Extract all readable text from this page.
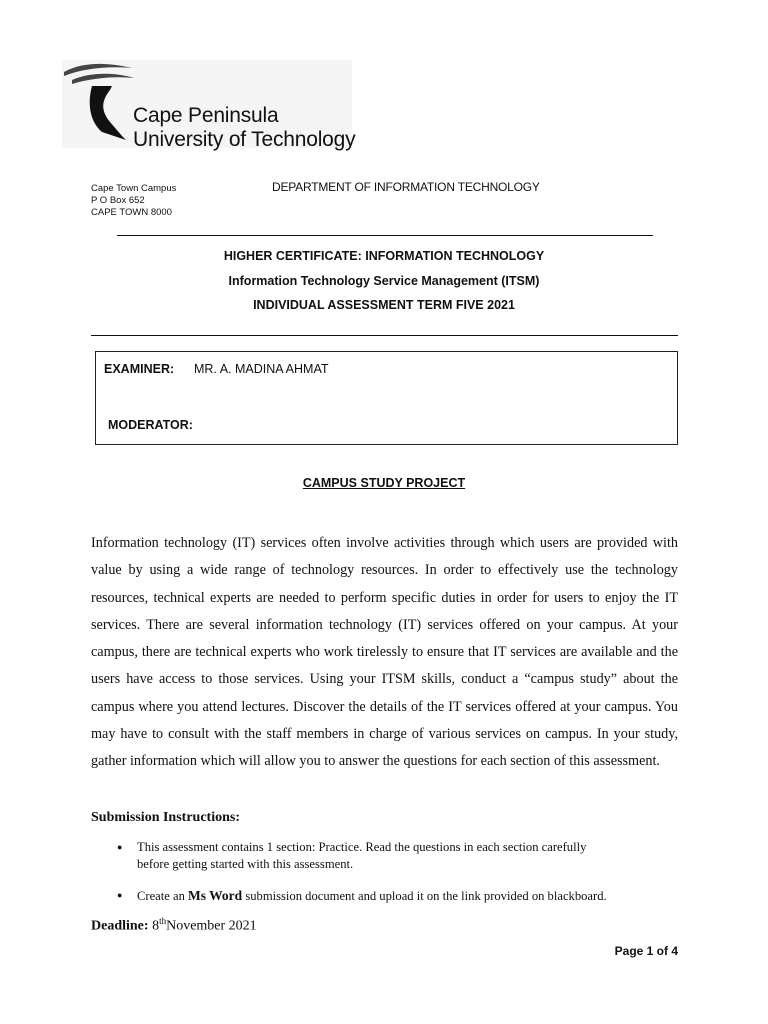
Cape Peninsula
University of Technology
Cape Town Campus
P O Box 652
CAPE TOWN 8000
DEPARTMENT OF INFORMATION TECHNOLOGY
HIGHER CERTIFICATE: INFORMATION TECHNOLOGY
Information Technology Service Management (ITSM)
INDIVIDUAL ASSESSMENT TERM FIVE 2021
EXAMINER: MR. A. MADINA AHMAT
MODERATOR:
CAMPUS STUDY PROJECT
Information technology (IT) services often involve activities through which users are provided with value by using a wide range of technology resources. In order to effectively use the technology resources, technical experts are needed to perform specific duties in order for users to enjoy the IT services. There are several information technology (IT) services offered on your campus. At your campus, there are technical experts who work tirelessly to ensure that IT services are available and the users have access to those services. Using your ITSM skills, conduct a “campus study” about the campus where you attend lectures. Discover the details of the IT services offered at your campus. You may have to consult with the staff members in charge of various services on campus. In your study, gather information which will allow you to answer the questions for each section of this assessment.
Submission Instructions:
● This assessment contains 1 section: Practice. Read the questions in each section carefully
before getting started with this assessment.
● Create an Ms Word submission document and upload it on the link provided on blackboard.
Deadline: 8thNovember 2021
Page 1 of 4
